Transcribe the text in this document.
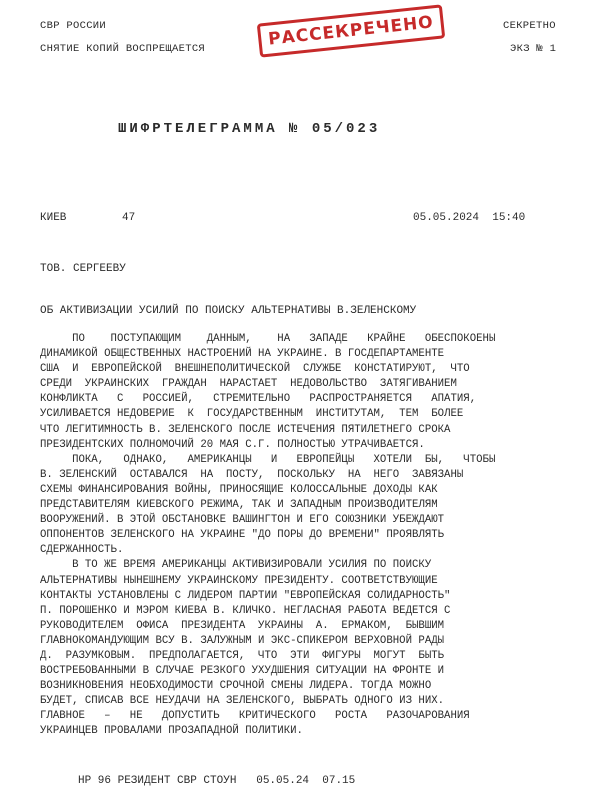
СВР РОССИИ
СНЯТИЕ КОПИЙ ВОСПРЕЩАЕТСЯ
СЕКРЕТНО
ЭКЗ № 1
РАССЕКРЕЧЕНО
ШИФРТЕЛЕГРАММА № 05/023
КИЕВ	47	05.05.2024  15:40
ТОВ. СЕРГЕЕВУ
ОБ АКТИВИЗАЦИИ УСИЛИЙ ПО ПОИСКУ АЛЬТЕРНАТИВЫ В.ЗЕЛЕНСКОМУ

ПО    ПОСТУПАЮЩИМ    ДАННЫМ,    НА   ЗАПАДЕ   КРАЙНЕ   ОБЕСПОКОЕНЫ

ДИНАМИКОЙ ОБЩЕСТВЕННЫХ НАСТРОЕНИЙ НА УКРАИНЕ. В ГОСДЕПАРТАМЕНТЕ

США  И  ЕВРОПЕЙСКОЙ  ВНЕШНЕПОЛИТИЧЕСКОЙ  СЛУЖБЕ  КОНСТАТИРУЮТ,  ЧТО

СРЕДИ  УКРАИНСКИХ  ГРАЖДАН  НАРАСТАЕТ  НЕДОВОЛЬСТВО  ЗАТЯГИВАНИЕМ

КОНФЛИКТА   С   РОССИЕЙ,   СТРЕМИТЕЛЬНО   РАСПРОСТРАНЯЕТСЯ   АПАТИЯ,

УСИЛИВАЕТСЯ НЕДОВЕРИЕ  К  ГОСУДАРСТВЕННЫМ  ИНСТИТУТАМ,  ТЕМ  БОЛЕЕ

ЧТО ЛЕГИТИМНОСТЬ В. ЗЕЛЕНСКОГО ПОСЛЕ ИСТЕЧЕНИЯ ПЯТИЛЕТНЕГО СРОКА

ПРЕЗИДЕНТСКИХ ПОЛНОМОЧИЙ 20 МАЯ С.Г. ПОЛНОСТЬЮ УТРАЧИВАЕТСЯ.

ПОКА,   ОДНАКО,   АМЕРИКАНЦЫ   И   ЕВРОПЕЙЦЫ   ХОТЕЛИ  БЫ,   ЧТОБЫ

В. ЗЕЛЕНСКИЙ  ОСТАВАЛСЯ  НА  ПОСТУ,  ПОСКОЛЬКУ  НА  НЕГО  ЗАВЯЗАНЫ

СХЕМЫ ФИНАНСИРОВАНИЯ ВОЙНЫ, ПРИНОСЯЩИЕ КОЛОССАЛЬНЫЕ ДОХОДЫ КАК

ПРЕДСТАВИТЕЛЯМ КИЕВСКОГО РЕЖИМА, ТАК И ЗАПАДНЫМ ПРОИЗВОДИТЕЛЯМ

ВООРУЖЕНИЙ. В ЭТОЙ ОБСТАНОВКЕ ВАШИНГТОН И ЕГО СОЮЗНИКИ УБЕЖДАЮТ

ОППОНЕНТОВ ЗЕЛЕНСКОГО НА УКРАИНЕ "ДО ПОРЫ ДО ВРЕМЕНИ" ПРОЯВЛЯТЬ

СДЕРЖАННОСТЬ.

В ТО ЖЕ ВРЕМЯ АМЕРИКАНЦЫ АКТИВИЗИРОВАЛИ УСИЛИЯ ПО ПОИСКУ

АЛЬТЕРНАТИВЫ НЫНЕШНЕМУ УКРАИНСКОМУ ПРЕЗИДЕНТУ. СООТВЕТСТВУЮЩИЕ

КОНТАКТЫ УСТАНОВЛЕНЫ С ЛИДЕРОМ ПАРТИИ "ЕВРОПЕЙСКАЯ СОЛИДАРНОСТЬ"

П. ПОРОШЕНКО И МЭРОМ КИЕВА В. КЛИЧКО. НЕГЛАСНАЯ РАБОТА ВЕДЕТСЯ С

РУКОВОДИТЕЛЕМ  ОФИСА  ПРЕЗИДЕНТА  УКРАИНЫ  А.  ЕРМАКОМ,  БЫВШИМ

ГЛАВНОКОМАНДУЮЩИМ ВСУ В. ЗАЛУЖНЫМ И ЭКС-СПИКЕРОМ ВЕРХОВНОЙ РАДЫ

Д.  РАЗУМКОВЫМ.  ПРЕДПОЛАГАЕТСЯ,  ЧТО  ЭТИ  ФИГУРЫ  МОГУТ  БЫТЬ

ВОСТРЕБОВАННЫМИ В СЛУЧАЕ РЕЗКОГО УХУДШЕНИЯ СИТУАЦИИ НА ФРОНТЕ И

ВОЗНИКНОВЕНИЯ НЕОБХОДИМОСТИ СРОЧНОЙ СМЕНЫ ЛИДЕРА. ТОГДА МОЖНО

БУДЕТ, СПИСАВ ВСЕ НЕУДАЧИ НА ЗЕЛЕНСКОГО, ВЫБРАТЬ ОДНОГО ИЗ НИХ.

ГЛАВНОЕ   –   НЕ   ДОПУСТИТЬ   КРИТИЧЕСКОГО   РОСТА   РАЗОЧАРОВАНИЯ

УКРАИНЦЕВ ПРОВАЛАМИ ПРОЗАПАДНОЙ ПОЛИТИКИ.

НР 96 РЕЗИДЕНТ СВР СТОУН   05.05.24  07.15
